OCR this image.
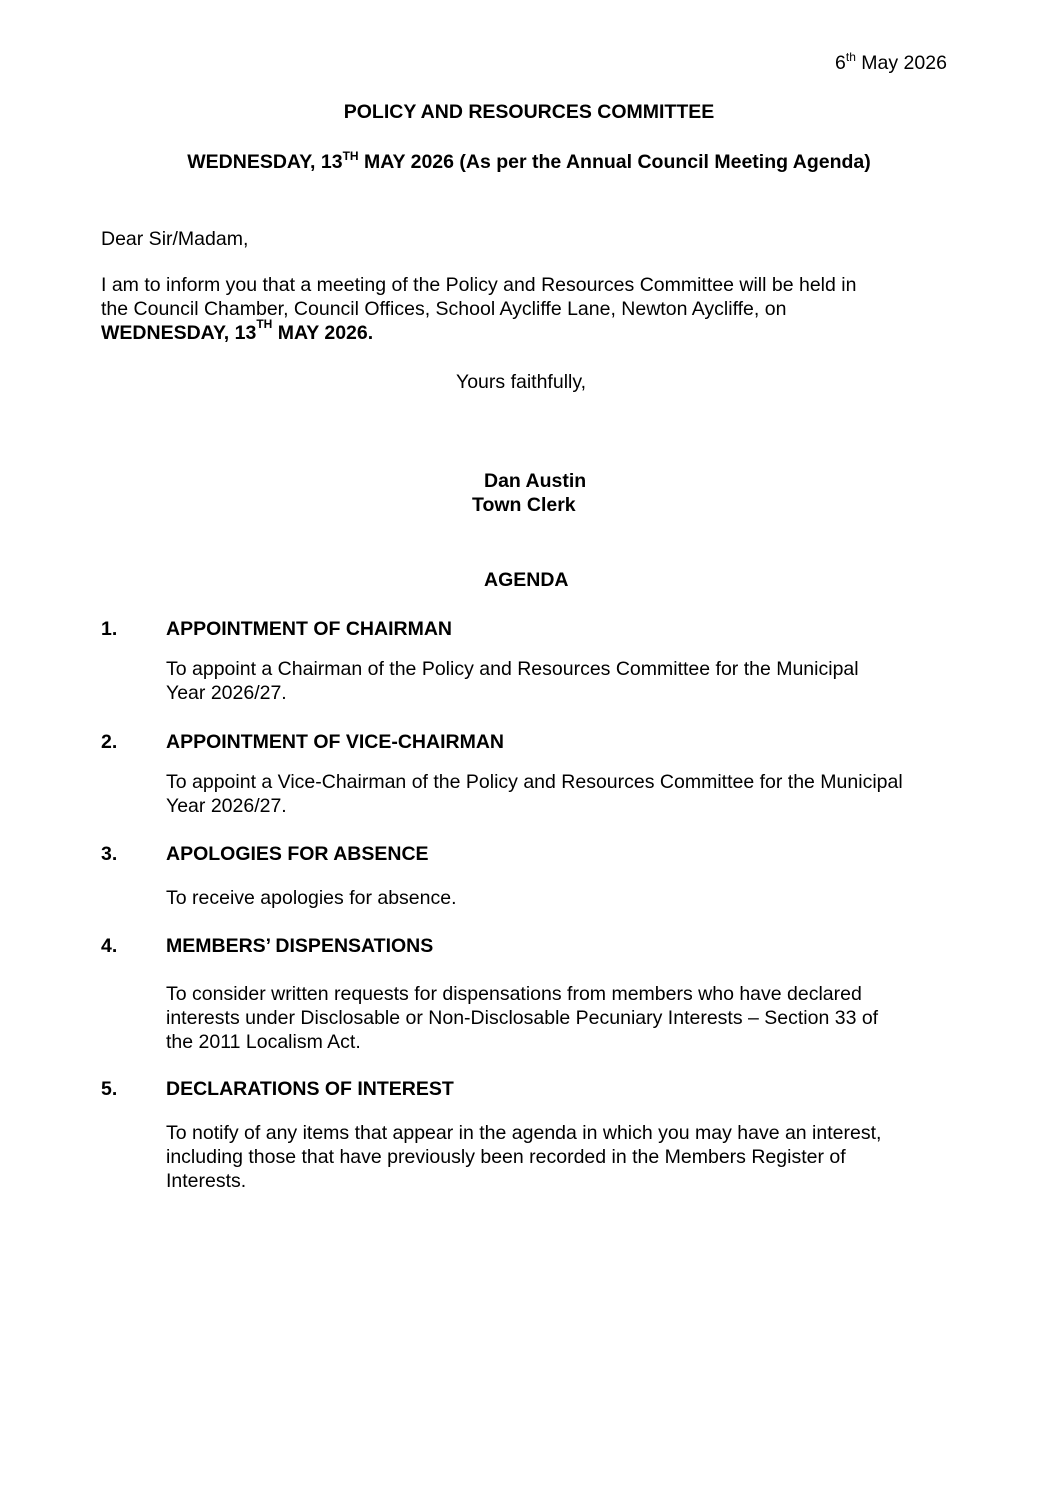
6th May 2026
POLICY AND RESOURCES COMMITTEE
WEDNESDAY, 13TH MAY 2026 (As per the Annual Council Meeting Agenda)
Dear Sir/Madam,
I am to inform you that a meeting of the Policy and Resources Committee will be held in
the Council Chamber, Council Offices, School Aycliffe Lane, Newton Aycliffe, on
WEDNESDAY, 13TH MAY 2026.
Yours faithfully,
Dan Austin
Town Clerk
AGENDA
1. APPOINTMENT OF CHAIRMAN
To appoint a Chairman of the Policy and Resources Committee for the Municipal
Year 2026/27.
2. APPOINTMENT OF VICE-CHAIRMAN
To appoint a Vice-Chairman of the Policy and Resources Committee for the Municipal
Year 2026/27.
3. APOLOGIES FOR ABSENCE
To receive apologies for absence.
4. MEMBERS’ DISPENSATIONS
To consider written requests for dispensations from members who have declared
interests under Disclosable or Non-Disclosable Pecuniary Interests – Section 33 of
the 2011 Localism Act.
5. DECLARATIONS OF INTEREST
To notify of any items that appear in the agenda in which you may have an interest,
including those that have previously been recorded in the Members Register of
Interests.
